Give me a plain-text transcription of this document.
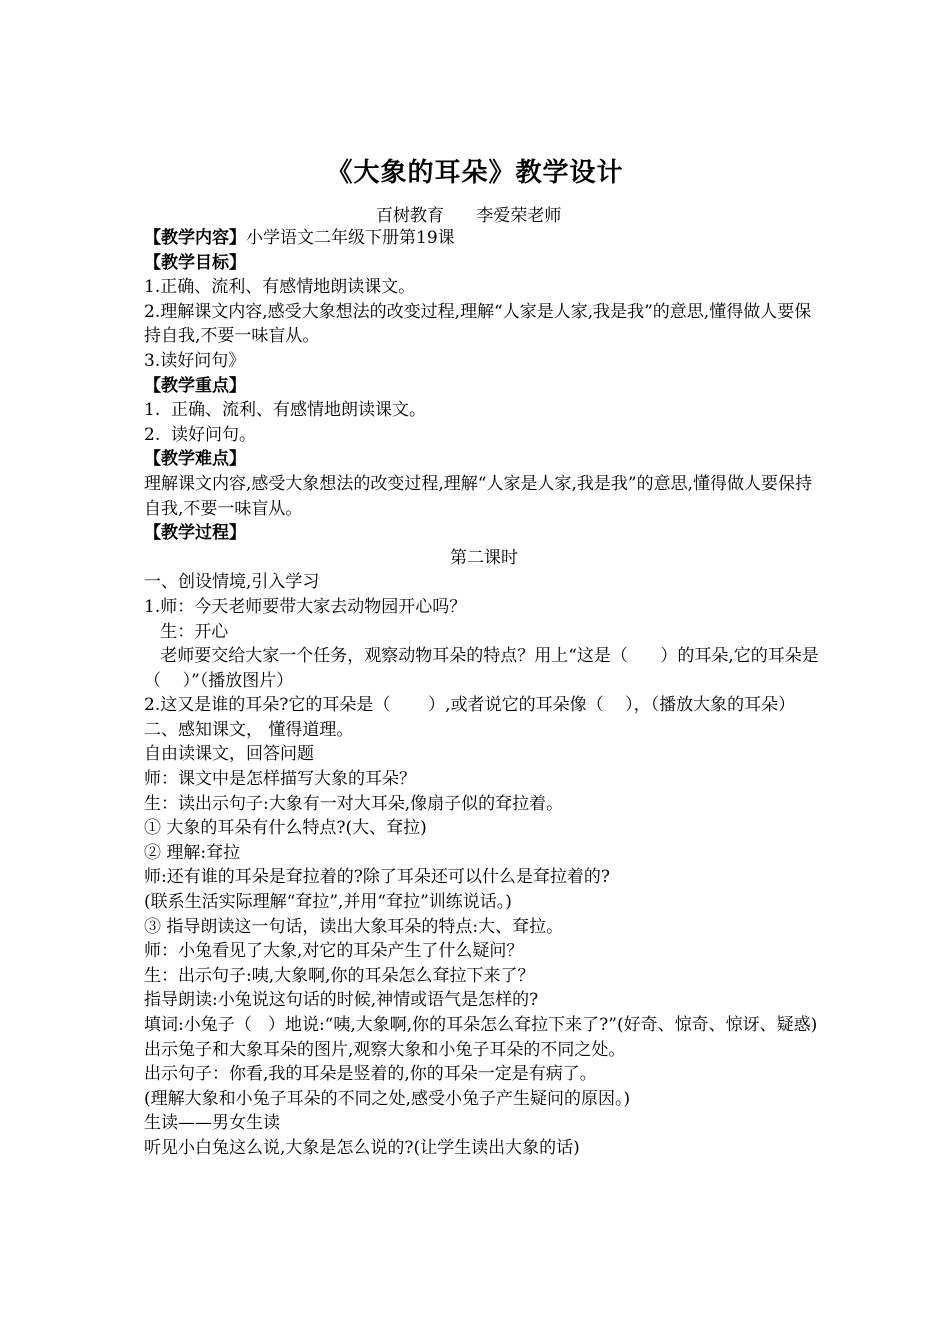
《大象的耳朵》教学设计
百树教育      李爱荣老师

【教学内容】小学语文二年级下册第19课

【教学目标】

1.正确、流利、有感情地朗读课文。

2.理解课文内容,感受大象想法的改变过程,理解“人家是人家,我是我”的意思,懂得做人要保持自我,不要一味盲从。

3.读好问句》

【教学重点】

1.  正确、流利、有感情地朗读课文。

2.  读好问句。

【教学难点】

理解课文内容,感受大象想法的改变过程,理解“人家是人家,我是我”的意思,懂得做人要保持自我,不要一味盲从。

【教学过程】

第二课时

一、创设情境,引入学习

1.师：今天老师要带大家去动物园开心吗？

生：开心

老师要交给大家一个任务，观察动物耳朵的特点？用上“这是（      ）的耳朵,它的耳朵是（    ）”（播放图片）

2.这又是谁的耳朵?它的耳朵是（       ）,或者说它的耳朵像（    ），（播放大象的耳朵）

二、感知课文， 懂得道理。

自由读课文，回答问题

师：课文中是怎样描写大象的耳朵？

生：读出示句子:大象有一对大耳朵,像扇子似的耷拉着。

① 大象的耳朵有什么特点?(大、耷拉)

② 理解:耷拉

师:还有谁的耳朵是耷拉着的?除了耳朵还可以什么是耷拉着的?

(联系生活实际理解“耷拉”,并用“耷拉”训练说话。)

③ 指导朗读这一句话，读出大象耳朵的特点:大、耷拉。

师：小兔看见了大象,对它的耳朵产生了什么疑问？

生：出示句子:咦,大象啊,你的耳朵怎么耷拉下来了？

指导朗读:小兔说这句话的时候,神情或语气是怎样的?

填词:小兔子（   ）地说:“咦,大象啊,你的耳朵怎么耷拉下来了?”(好奇、惊奇、惊讶、疑惑)

出示兔子和大象耳朵的图片,观察大象和小兔子耳朵的不同之处。

出示句子：你看,我的耳朵是竖着的,你的耳朵一定是有病了。

(理解大象和小兔子耳朵的不同之处,感受小兔子产生疑问的原因。)

生读——男女生读

听见小白兔这么说,大象是怎么说的?(让学生读出大象的话)
